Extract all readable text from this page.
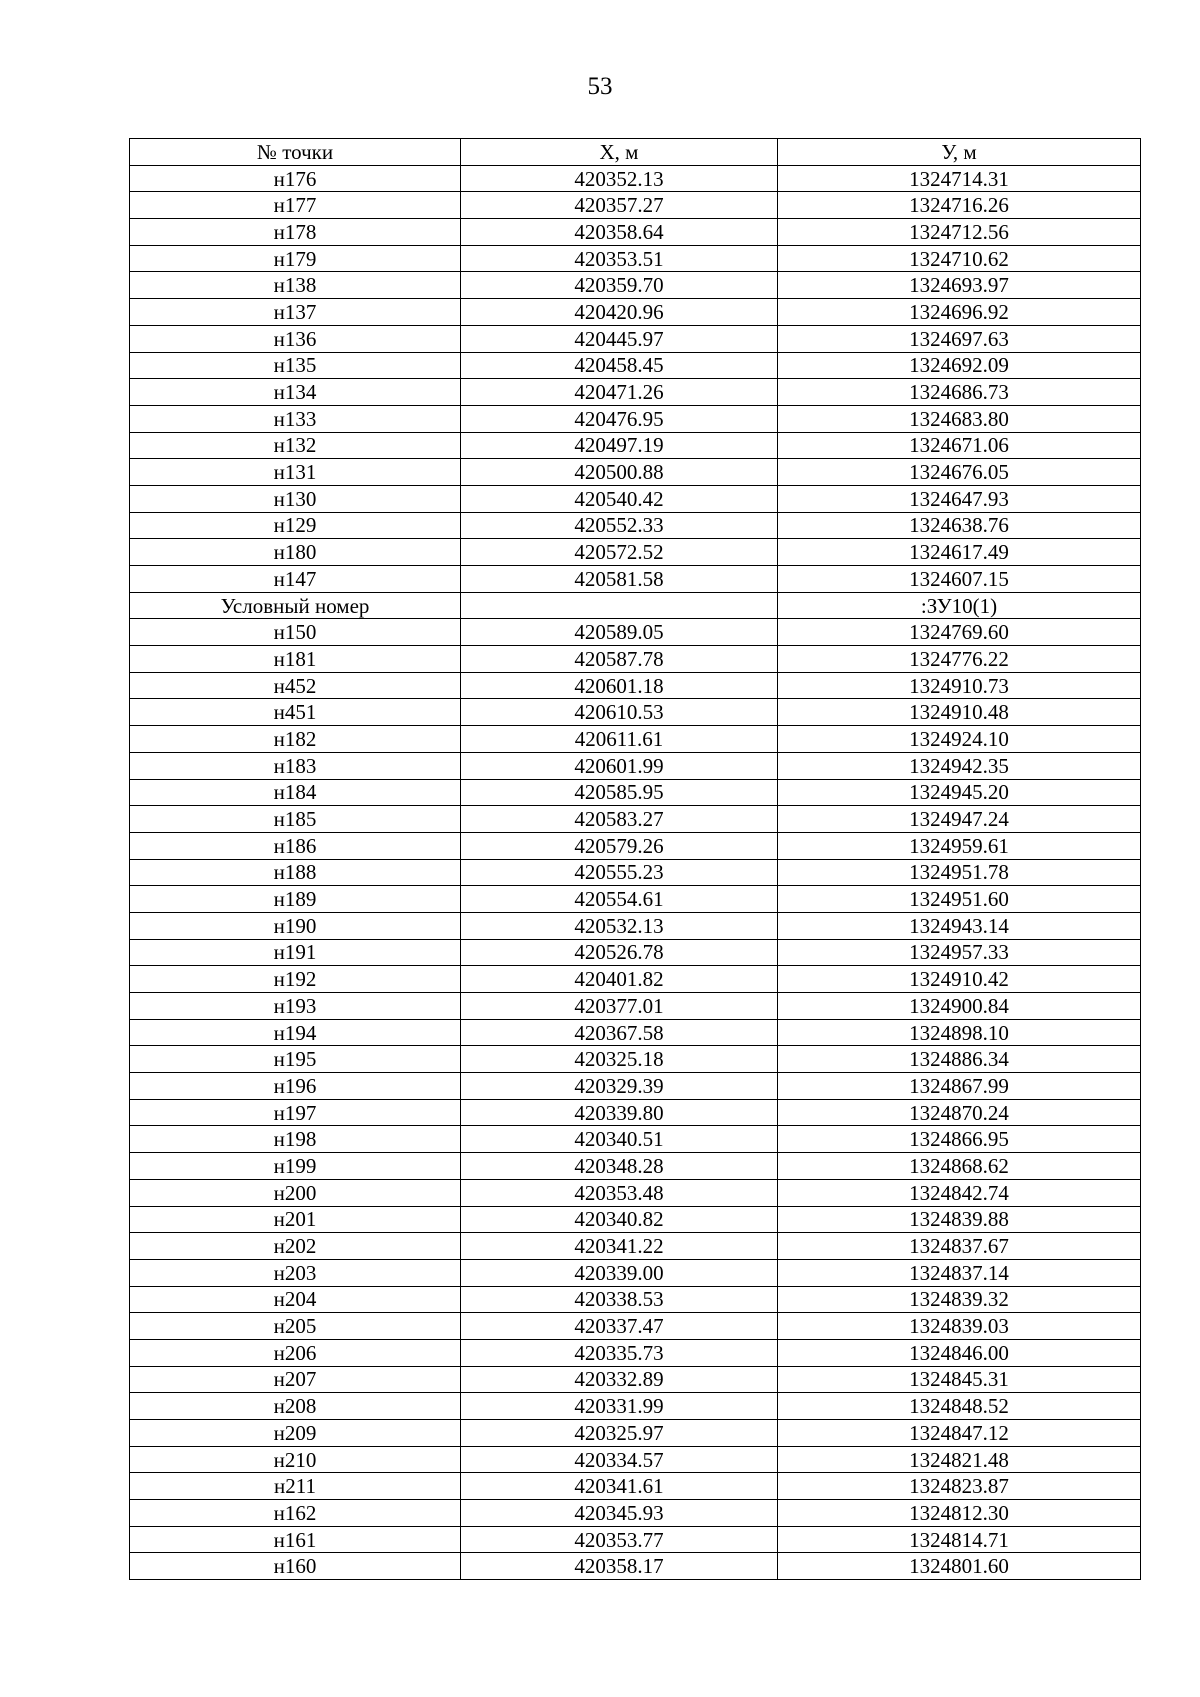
53
№ точки	X, м	У, м
н176	420352.13	1324714.31
н177	420357.27	1324716.26
н178	420358.64	1324712.56
н179	420353.51	1324710.62
н138	420359.70	1324693.97
н137	420420.96	1324696.92
н136	420445.97	1324697.63
н135	420458.45	1324692.09
н134	420471.26	1324686.73
н133	420476.95	1324683.80
н132	420497.19	1324671.06
н131	420500.88	1324676.05
н130	420540.42	1324647.93
н129	420552.33	1324638.76
н180	420572.52	1324617.49
н147	420581.58	1324607.15
Условный номер		:ЗУ10(1)
н150	420589.05	1324769.60
н181	420587.78	1324776.22
н452	420601.18	1324910.73
н451	420610.53	1324910.48
н182	420611.61	1324924.10
н183	420601.99	1324942.35
н184	420585.95	1324945.20
н185	420583.27	1324947.24
н186	420579.26	1324959.61
н188	420555.23	1324951.78
н189	420554.61	1324951.60
н190	420532.13	1324943.14
н191	420526.78	1324957.33
н192	420401.82	1324910.42
н193	420377.01	1324900.84
н194	420367.58	1324898.10
н195	420325.18	1324886.34
н196	420329.39	1324867.99
н197	420339.80	1324870.24
н198	420340.51	1324866.95
н199	420348.28	1324868.62
н200	420353.48	1324842.74
н201	420340.82	1324839.88
н202	420341.22	1324837.67
н203	420339.00	1324837.14
н204	420338.53	1324839.32
н205	420337.47	1324839.03
н206	420335.73	1324846.00
н207	420332.89	1324845.31
н208	420331.99	1324848.52
н209	420325.97	1324847.12
н210	420334.57	1324821.48
н211	420341.61	1324823.87
н162	420345.93	1324812.30
н161	420353.77	1324814.71
н160	420358.17	1324801.60
